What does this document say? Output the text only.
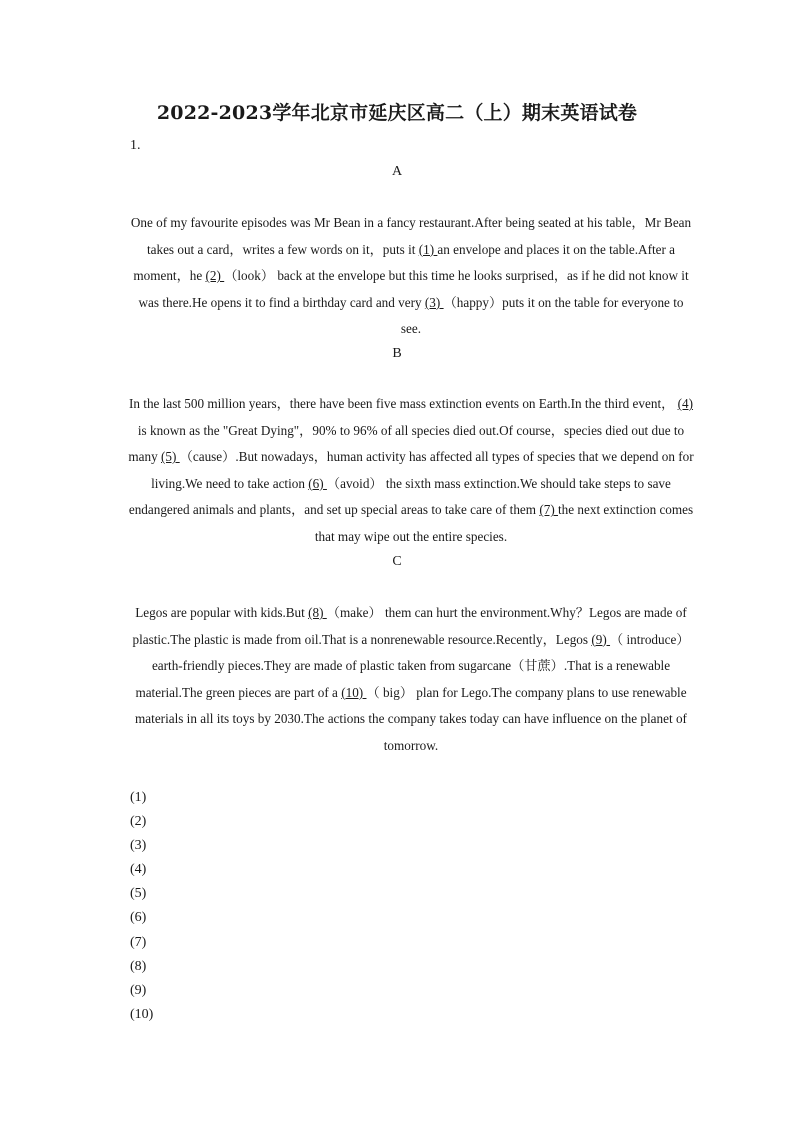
2022-2023学年北京市延庆区高二（上）期末英语试卷
1.
A
One of my favourite episodes was Mr Bean in a fancy restaurant.After being seated at his table，Mr Bean takes out a card，writes a few words on it，puts it (1) an envelope and places it on the table.After a moment，he (2) （look） back at the envelope but this time he looks surprised，as if he did not know it was there.He opens it to find a birthday card and very (3) （happy）puts it on the table for everyone to see.
B
In the last 500 million years，there have been five mass extinction events on Earth.In the third event， (4) is known as the "Great Dying"，90% to 96% of all species died out.Of course，species died out due to many (5) （cause）.But nowadays，human activity has affected all types of species that we depend on for living.We need to take action (6) （avoid） the sixth mass extinction.We should take steps to save endangered animals and plants，and set up special areas to take care of them (7) the next extinction comes that may wipe out the entire species.
C
Legos are popular with kids.But (8) （make） them can hurt the environment.Why？Legos are made of plastic.The plastic is made from oil.That is a nonrenewable resource.Recently，Legos (9) （ introduce） earth-friendly pieces.They are made of plastic taken from sugarcane（甘蔗）.That is a renewable material.The green pieces are part of a (10) （ big） plan for Lego.The company plans to use renewable materials in all its toys by 2030.The actions the company takes today can have influence on the planet of tomorrow.
(1)
(2)
(3)
(4)
(5)
(6)
(7)
(8)
(9)
(10)
